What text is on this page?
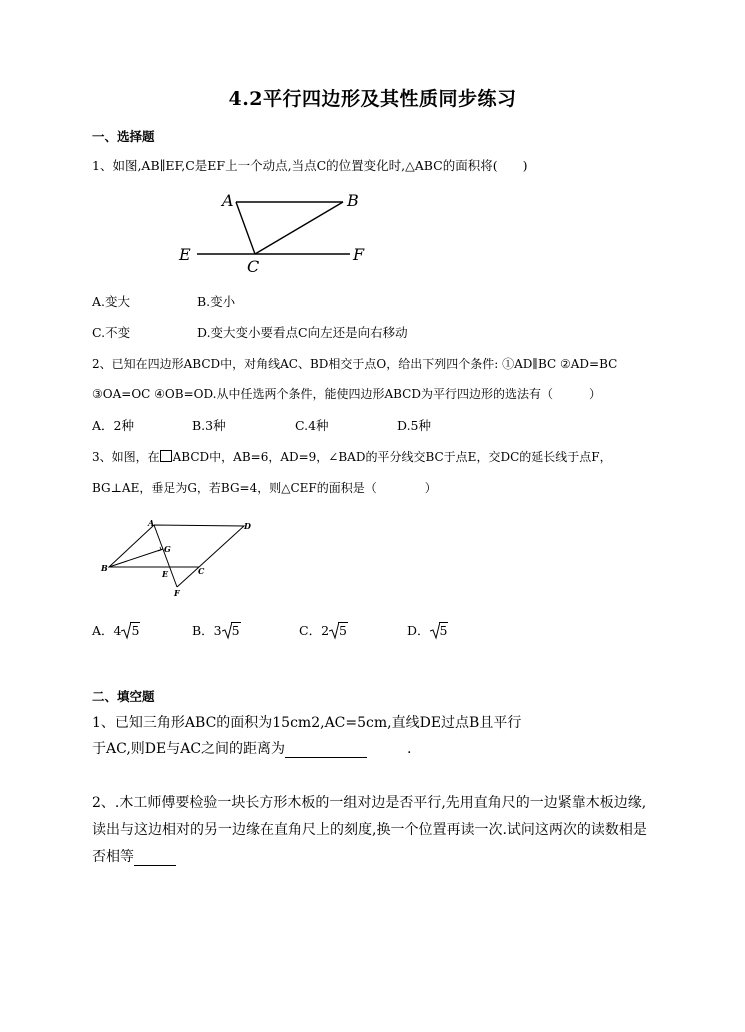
4.2平行四边形及其性质同步练习
一、选择题
1、如图,AB∥EF,C是EF上一个动点,当点C的位置变化时,△ABC的面积将(　　)
A	B
C
E	F
A.变大	B.变小
C.不变	D.变大变小要看点C向左还是向右移动
2、已知在四边形ABCD中，对角线AC、BD相交于点O，给出下列四个条件: ①AD∥BC ②AD=BC
③OA=OC ④OB=OD.从中任选两个条件，能使四边形ABCD为平行四边形的选法有（　　　）
A．2种	B.3种	C.4种	D.5种
3、如图，在 ABCD中，AB=6，AD=9，∠BAD的平分线交BC于点E，交DC的延长线于点F，
BG⊥AE，垂足为G，若BG=4，则△CEF的面积是（　　　　）
A	D
B	C
G
E
F
A．4 5	B．3 5	C．2 5	D． 5
二、填空题
1、已知三角形ABC的面积为15cm2,AC=5cm,直线DE过点B且平行
于AC,则DE与AC之间的距离为	.
2、.木工师傅要检验一块长方形木板的一组对边是否平行,先用直角尺的一边紧靠木板边缘,
读出与这边相对的另一边缘在直角尺上的刻度,换一个位置再读一次.试问这两次的读数相是
否相等
